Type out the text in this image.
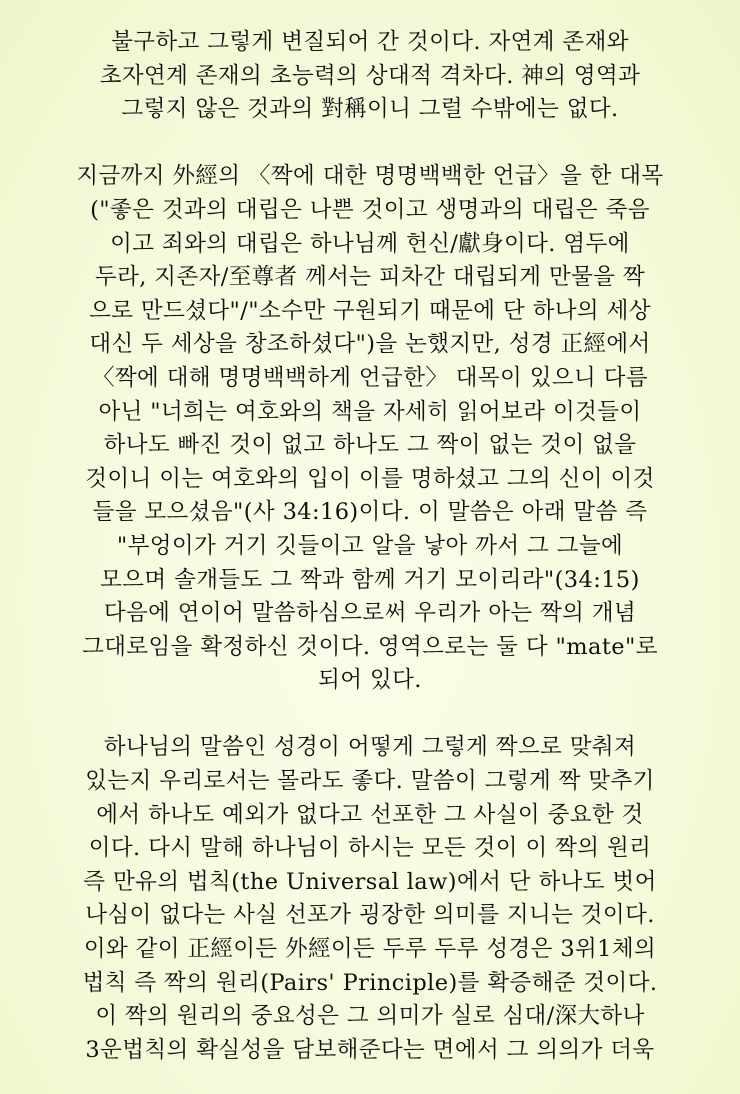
불구하고 그렇게 변질되어 간 것이다. 자연계 존재와
초자연계 존재의 초능력의 상대적 격차다. 神의 영역과
그렇지 않은 것과의 對稱이니 그럴 수밖에는 없다.
지금까지 外經의 〈짝에 대한 명명백백한 언급〉을 한 대목
("좋은 것과의 대립은 나쁜 것이고 생명과의 대립은 죽음
이고 죄와의 대립은 하나님께 헌신/獻身이다. 염두에
두라, 지존자/至尊者 께서는 피차간 대립되게 만물을 짝
으로 만드셨다"/"소수만 구원되기 때문에 단 하나의 세상
대신 두 세상을 창조하셨다")을 논했지만, 성경 正經에서
〈짝에 대해 명명백백하게 언급한〉 대목이 있으니 다름
아닌 "너희는 여호와의 책을 자세히 읽어보라 이것들이
하나도 빠진 것이 없고 하나도 그 짝이 없는 것이 없을
것이니 이는 여호와의 입이 이를 명하셨고 그의 신이 이것
들을 모으셨음"(사 34:16)이다. 이 말씀은 아래 말씀 즉
"부엉이가 거기 깃들이고 알을 낳아 까서 그 그늘에
모으며 솔개들도 그 짝과 함께 거기 모이리라"(34:15)
다음에 연이어 말씀하심으로써 우리가 아는 짝의 개념
그대로임을 확정하신 것이다. 영역으로는 둘 다 "mate"로
되어 있다.
하나님의 말씀인 성경이 어떻게 그렇게 짝으로 맞춰져
있는지 우리로서는 몰라도 좋다. 말씀이 그렇게 짝 맞추기
에서 하나도 예외가 없다고 선포한 그 사실이 중요한 것
이다. 다시 말해 하나님이 하시는 모든 것이 이 짝의 원리
즉 만유의 법칙(the Universal law)에서 단 하나도 벗어
나심이 없다는 사실 선포가 굉장한 의미를 지니는 것이다.
이와 같이 正經이든 外經이든 두루 두루 성경은 3위1체의
법칙 즉 짝의 원리(Pairs' Principle)를 확증해준 것이다.
이 짝의 원리의 중요성은 그 의미가 실로 심대/深大하나
3운법칙의 확실성을 담보해준다는 면에서 그 의의가 더욱
